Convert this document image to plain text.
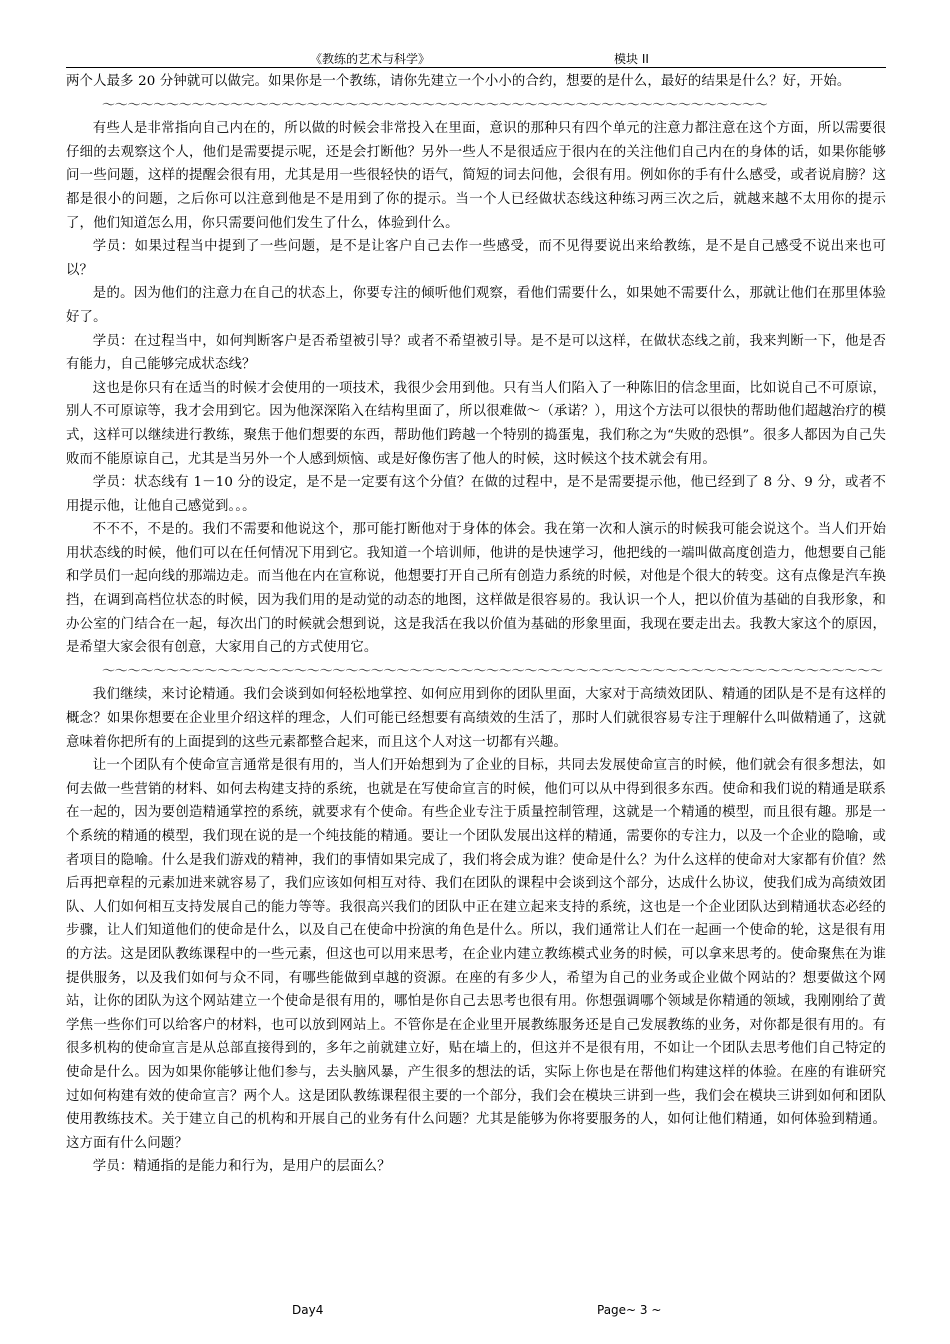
《教练的艺术与科学》	模块 II

两个人最多 20 分钟就可以做完。如果你是一个教练，请你先建立一个小小的合约，想要的是什么，最好的结果是什么？好，开始。

～～～～～～～～～～～～～～～～～～～～～～～～～～～～～～～～～～～～～～～～～～～～～～～～～～～～

有些人是非常指向自己内在的，所以做的时候会非常投入在里面，意识的那种只有四个单元的注意力都注意在这个方面，所以需要很仔细的去观察这个人，他们是需要提示呢，还是会打断他？另外一些人不是很适应于很内在的关注他们自己内在的身体的话，如果你能够问一些问题，这样的提醒会很有用，尤其是用一些很轻快的语气，简短的词去问他，会很有用。例如你的手有什么感受，或者说肩膀？这都是很小的问题，之后你可以注意到他是不是用到了你的提示。当一个人已经做状态线这种练习两三次之后，就越来越不太用你的提示了，他们知道怎么用，你只需要问他们发生了什么，体验到什么。

学员：如果过程当中提到了一些问题，是不是让客户自己去作一些感受，而不见得要说出来给教练，是不是自己感受不说出来也可以？

是的。因为他们的注意力在自己的状态上，你要专注的倾听他们观察，看他们需要什么，如果她不需要什么，那就让他们在那里体验好了。

学员：在过程当中，如何判断客户是否希望被引导？或者不希望被引导。是不是可以这样，在做状态线之前，我来判断一下，他是否有能力，自己能够完成状态线？

这也是你只有在适当的时候才会使用的一项技术，我很少会用到他。只有当人们陷入了一种陈旧的信念里面，比如说自己不可原谅，别人不可原谅等，我才会用到它。因为他深深陷入在结构里面了，所以很难做～（承诺？），用这个方法可以很快的帮助他们超越治疗的模式，这样可以继续进行教练，聚焦于他们想要的东西，帮助他们跨越一个特别的捣蛋鬼，我们称之为“失败的恐惧”。很多人都因为自己失败而不能原谅自己，尤其是当另外一个人感到烦恼、或是好像伤害了他人的时候，这时候这个技术就会有用。

学员：状态线有 1－10 分的设定，是不是一定要有这个分值？在做的过程中，是不是需要提示他，他已经到了 8 分、9 分，或者不用提示他，让他自己感觉到。。。

不不不，不是的。我们不需要和他说这个，那可能打断他对于身体的体会。我在第一次和人演示的时候我可能会说这个。当人们开始用状态线的时候，他们可以在任何情况下用到它。我知道一个培训师，他讲的是快速学习，他把线的一端叫做高度创造力，他想要自己能和学员们一起向线的那端边走。而当他在内在宣称说，他想要打开自己所有创造力系统的时候，对他是个很大的转变。这有点像是汽车换挡，在调到高档位状态的时候，因为我们用的是动觉的动态的地图，这样做是很容易的。我认识一个人，把以价值为基础的自我形象，和办公室的门结合在一起，每次出门的时候就会想到说，这是我活在我以价值为基础的形象里面，我现在要走出去。我教大家这个的原因，是希望大家会很有创意，大家用自己的方式使用它。

～～～～～～～～～～～～～～～～～～～～～～～～～～～～～～～～～～～～～～～～～～～～～～～～～～～～～～～～～～～～～

我们继续，来讨论精通。我们会谈到如何轻松地掌控、如何应用到你的团队里面，大家对于高绩效团队、精通的团队是不是有这样的概念？如果你想要在企业里介绍这样的理念，人们可能已经想要有高绩效的生活了，那时人们就很容易专注于理解什么叫做精通了，这就意味着你把所有的上面提到的这些元素都整合起来，而且这个人对这一切都有兴趣。

让一个团队有个使命宣言通常是很有用的，当人们开始想到为了企业的目标，共同去发展使命宣言的时候，他们就会有很多想法，如何去做一些营销的材料、如何去构建支持的系统，也就是在写使命宣言的时候，他们可以从中得到很多东西。使命和我们说的精通是联系在一起的，因为要创造精通掌控的系统，就要求有个使命。有些企业专注于质量控制管理，这就是一个精通的模型，而且很有趣。那是一个系统的精通的模型，我们现在说的是一个纯技能的精通。要让一个团队发展出这样的精通，需要你的专注力，以及一个企业的隐喻，或者项目的隐喻。什么是我们游戏的精神，我们的事情如果完成了，我们将会成为谁？使命是什么？为什么这样的使命对大家都有价值？然后再把章程的元素加进来就容易了，我们应该如何相互对待、我们在团队的课程中会谈到这个部分，达成什么协议，使我们成为高绩效团队、人们如何相互支持发展自己的能力等等。我很高兴我们的团队中正在建立起来支持的系统，这也是一个企业团队达到精通状态必经的步骤，让人们知道他们的使命是什么，以及自己在使命中扮演的角色是什么。所以，我们通常让人们在一起画一个使命的轮，这是很有用的方法。这是团队教练课程中的一些元素，但这也可以用来思考，在企业内建立教练模式业务的时候，可以拿来思考的。使命聚焦在为谁提供服务，以及我们如何与众不同，有哪些能做到卓越的资源。在座的有多少人，希望为自己的业务或企业做个网站的？想要做这个网站，让你的团队为这个网站建立一个使命是很有用的，哪怕是你自己去思考也很有用。你想强调哪个领域是你精通的领域，我刚刚给了黄学焦一些你们可以给客户的材料，也可以放到网站上。不管你是在企业里开展教练服务还是自己发展教练的业务，对你都是很有用的。有很多机构的使命宣言是从总部直接得到的，多年之前就建立好，贴在墙上的，但这并不是很有用，不如让一个团队去思考他们自己特定的使命是什么。因为如果你能够让他们参与，去头脑风暴，产生很多的想法的话，实际上你也是在帮他们构建这样的体验。在座的有谁研究过如何构建有效的使命宣言？两个人。这是团队教练课程很主要的一个部分，我们会在模块三讲到一些，我们会在模块三讲到如何和团队使用教练技术。关于建立自己的机构和开展自己的业务有什么问题？尤其是能够为你将要服务的人，如何让他们精通，如何体验到精通。这方面有什么问题？

学员：精通指的是能力和行为，是用户的层面么？

Day4	Page~ 3 ~
